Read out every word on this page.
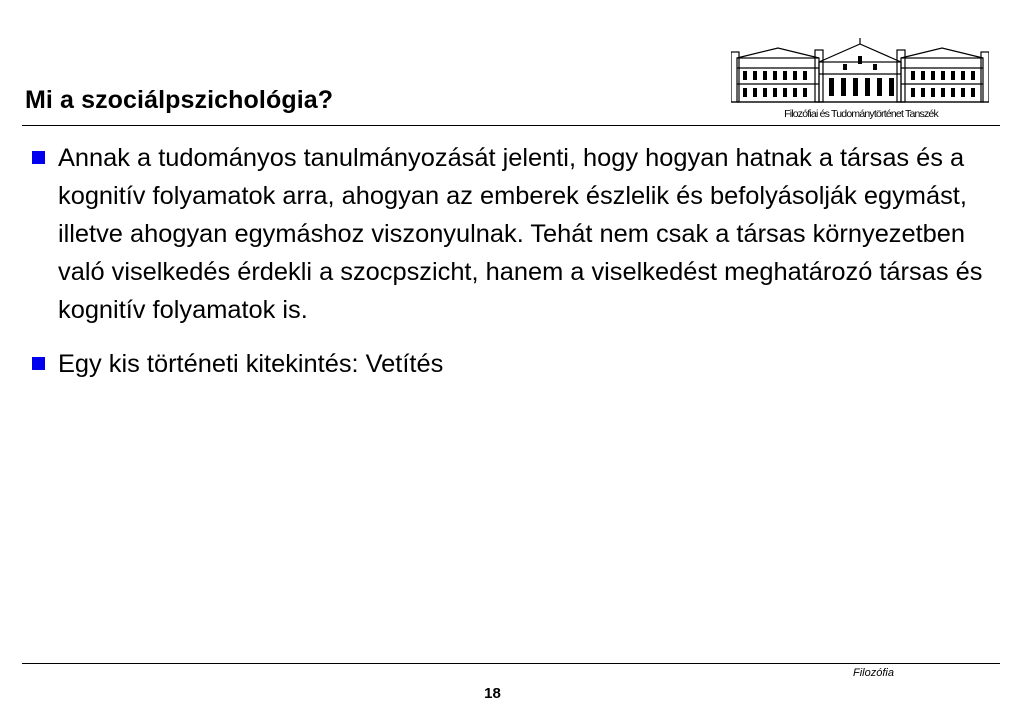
Mi a szociálpszichológia?	Filozófiai és Tudománytörténet Tanszék
Annak a tudományos tanulmányozását jelenti, hogy hogyan hatnak a társas és a kognitív folyamatok arra, ahogyan az emberek észlelik és befolyásolják egymást, illetve ahogyan egymáshoz viszonyulnak. Tehát nem csak a társas környezetben való viselkedés érdekli a szocpszicht, hanem a viselkedést meghatározó társas és kognitív folyamatok is.
Egy kis történeti kitekintés: Vetítés
Filozófia
18
